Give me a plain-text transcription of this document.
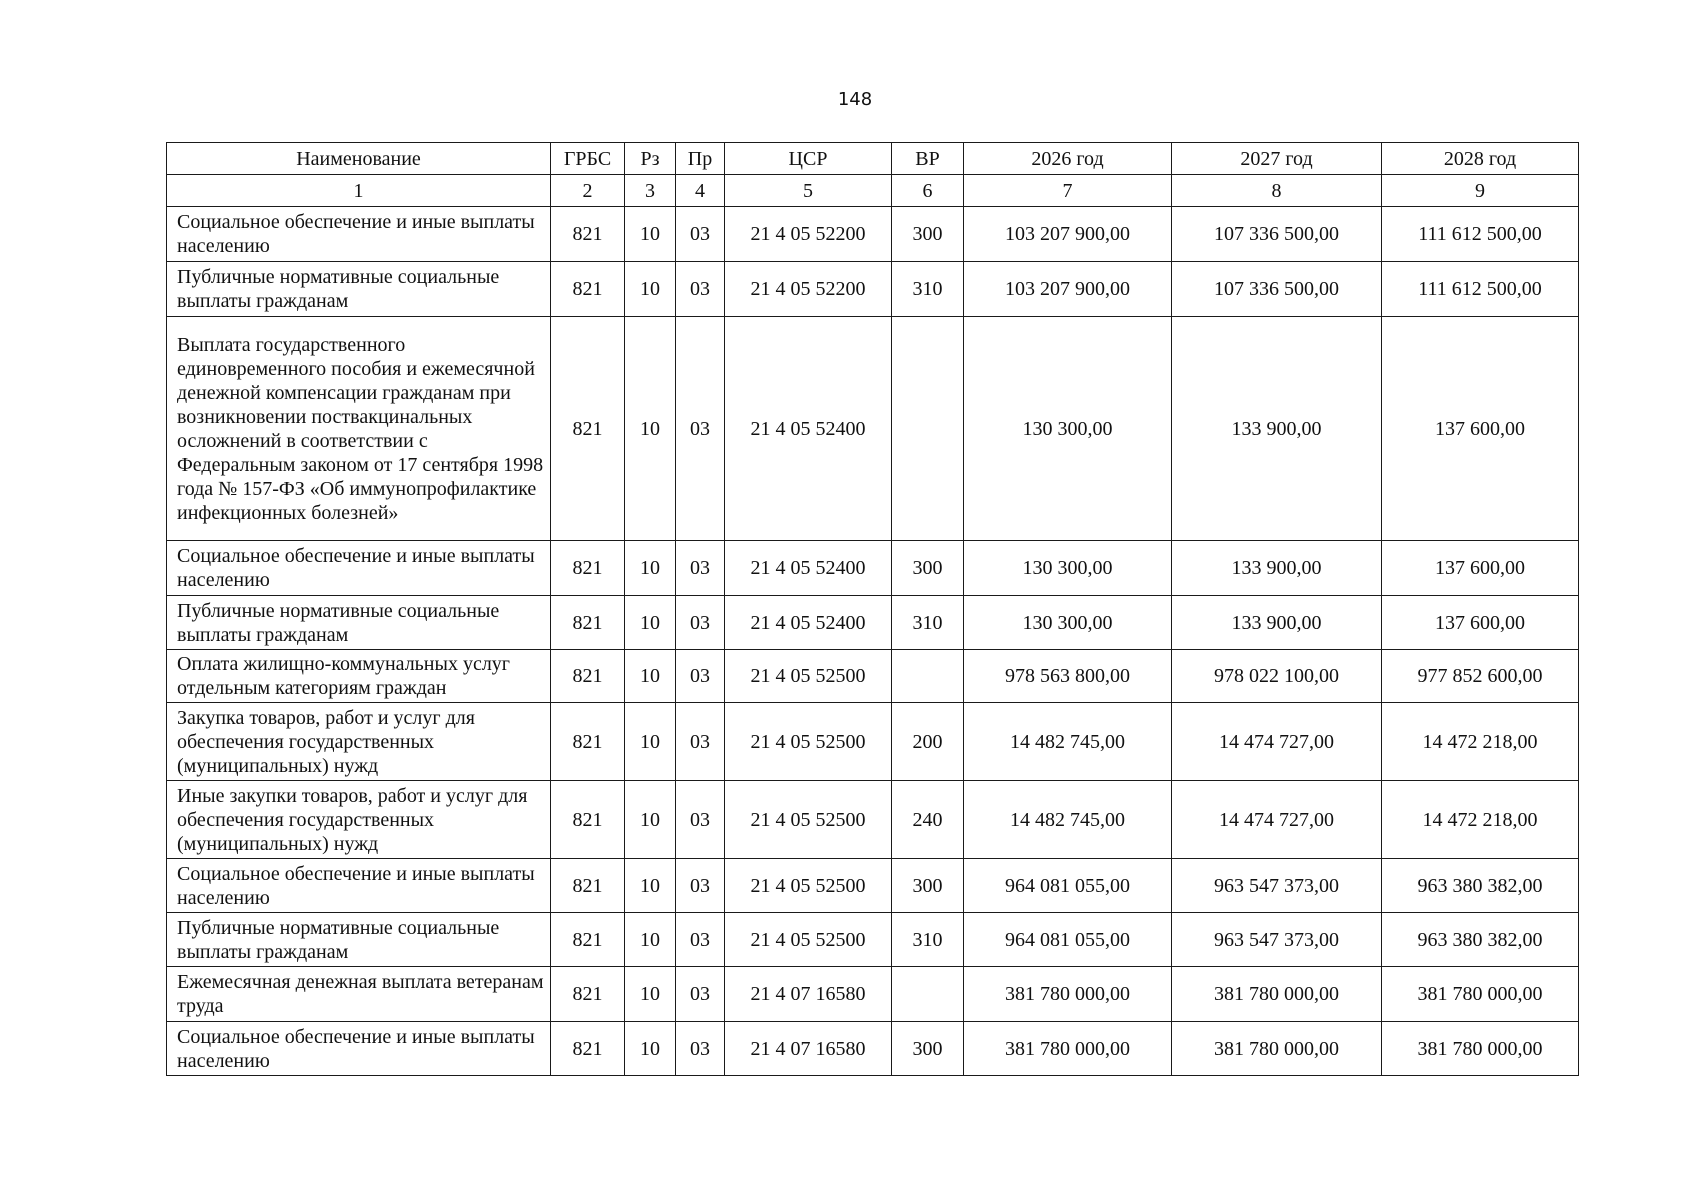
148
Наименование	ГРБС	Рз	Пр	ЦСР	ВР	2026 год	2027 год	2028 год
1	2	3	4	5	6	7	8	9
Социальное обеспечение и иные выплаты населению	821	10	03	21 4 05 52200	300	103 207 900,00	107 336 500,00	111 612 500,00
Публичные нормативные социальные выплаты гражданам	821	10	03	21 4 05 52200	310	103 207 900,00	107 336 500,00	111 612 500,00
Выплата государственного единовременного пособия и ежемесячной денежной компенсации гражданам при возникновении поствакцинальных осложнений в соответствии с Федеральным законом от 17 сентября 1998 года № 157-ФЗ «Об иммунопрофилактике инфекционных болезней»	821	10	03	21 4 05 52400		130 300,00	133 900,00	137 600,00
Социальное обеспечение и иные выплаты населению	821	10	03	21 4 05 52400	300	130 300,00	133 900,00	137 600,00
Публичные нормативные социальные выплаты гражданам	821	10	03	21 4 05 52400	310	130 300,00	133 900,00	137 600,00
Оплата жилищно-коммунальных услуг отдельным категориям граждан	821	10	03	21 4 05 52500		978 563 800,00	978 022 100,00	977 852 600,00
Закупка товаров, работ и услуг для обеспечения государственных (муниципальных) нужд	821	10	03	21 4 05 52500	200	14 482 745,00	14 474 727,00	14 472 218,00
Иные закупки товаров, работ и услуг для обеспечения государственных (муниципальных) нужд	821	10	03	21 4 05 52500	240	14 482 745,00	14 474 727,00	14 472 218,00
Социальное обеспечение и иные выплаты населению	821	10	03	21 4 05 52500	300	964 081 055,00	963 547 373,00	963 380 382,00
Публичные нормативные социальные выплаты гражданам	821	10	03	21 4 05 52500	310	964 081 055,00	963 547 373,00	963 380 382,00
Ежемесячная денежная выплата ветеранам труда	821	10	03	21 4 07 16580		381 780 000,00	381 780 000,00	381 780 000,00
Социальное обеспечение и иные выплаты населению	821	10	03	21 4 07 16580	300	381 780 000,00	381 780 000,00	381 780 000,00
